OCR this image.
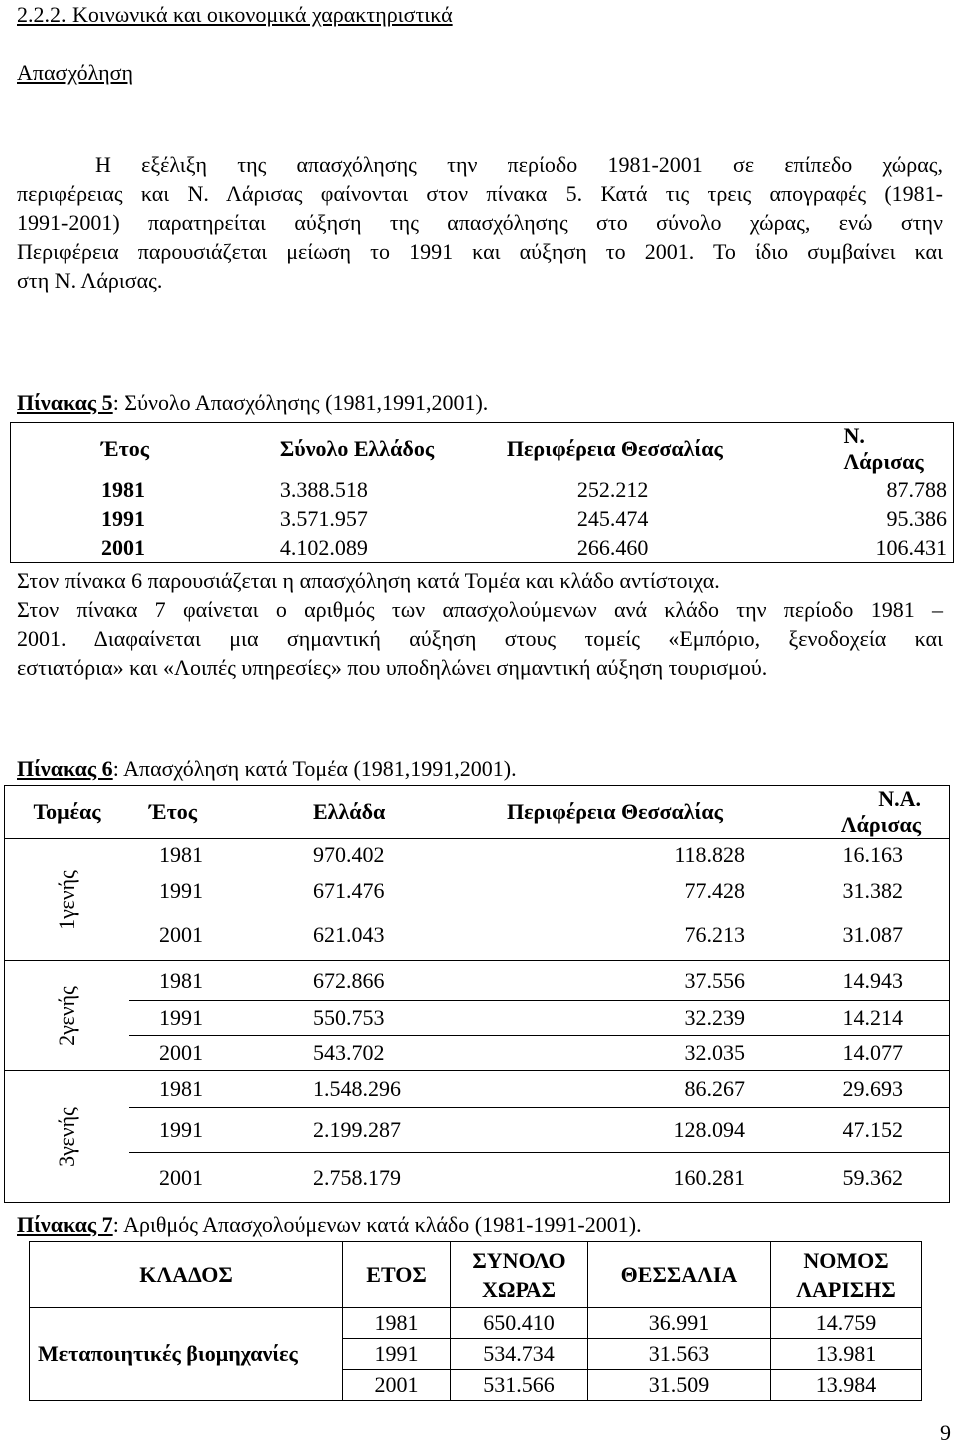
2.2.2. Κοινωνικά και οικονομικά χαρακτηριστικά
Απασχόληση
Η εξέλιξη της απασχόλησης την περίοδο 1981-2001 σε επίπεδο χώρας,
περιφέρειας και Ν. Λάρισας φαίνονται στον πίνακα 5. Κατά τις τρεις απογραφές (1981-
1991-2001) παρατηρείται αύξηση της απασχόλησης στο σύνολο χώρας, ενώ στην
Περιφέρεια παρουσιάζεται μείωση το 1991 και αύξηση το 2001. Το ίδιο συμβαίνει και
στη Ν. Λάρισας.
Πίνακας 5: Σύνολο Απασχόλησης (1981,1991,2001).
Έτος	Σύνολο Ελλάδος	Περιφέρεια Θεσσαλίας	Ν. Λάρισας
1981	3.388.518	252.212	87.788
1991	3.571.957	245.474	95.386
2001	4.102.089	266.460	106.431
Στον πίνακα 6 παρουσιάζεται η απασχόληση κατά Τομέα και κλάδο αντίστοιχα.
Στον πίνακα 7 φαίνεται ο αριθμός των απασχολούμενων ανά κλάδο την περίοδο 1981 –
2001. Διαφαίνεται μια σημαντική αύξηση στους τομείς «Εμπόριο, ξενοδοχεία και
εστιατόρια» και «Λοιπές υπηρεσίες» που υποδηλώνει σημαντική αύξηση τουρισμού.
Πίνακας 6: Απασχόληση κατά Τομέα (1981,1991,2001).
Τομέας	Έτος	Ελλάδα	Περιφέρεια Θεσσαλίας	Ν.Α. Λάρισας
1γενής	1981	970.402	118.828	16.163
	1991	671.476	77.428	31.382
	2001	621.043	76.213	31.087
2γενής	1981	672.866	37.556	14.943
	1991	550.753	32.239	14.214
	2001	543.702	32.035	14.077
3γενής	1981	1.548.296	86.267	29.693
	1991	2.199.287	128.094	47.152
	2001	2.758.179	160.281	59.362
Πίνακας 7: Αριθμός Απασχολούμενων κατά κλάδο (1981-1991-2001).
ΚΛΑΔΟΣ	ΕΤΟΣ	ΣΥΝΟΛΟ ΧΩΡΑΣ	ΘΕΣΣΑΛΙΑ	ΝΟΜΟΣ ΛΑΡΙΣΗΣ
Μεταποιητικές βιομηχανίες	1981	650.410	36.991	14.759
	1991	534.734	31.563	13.981
	2001	531.566	31.509	13.984
9
